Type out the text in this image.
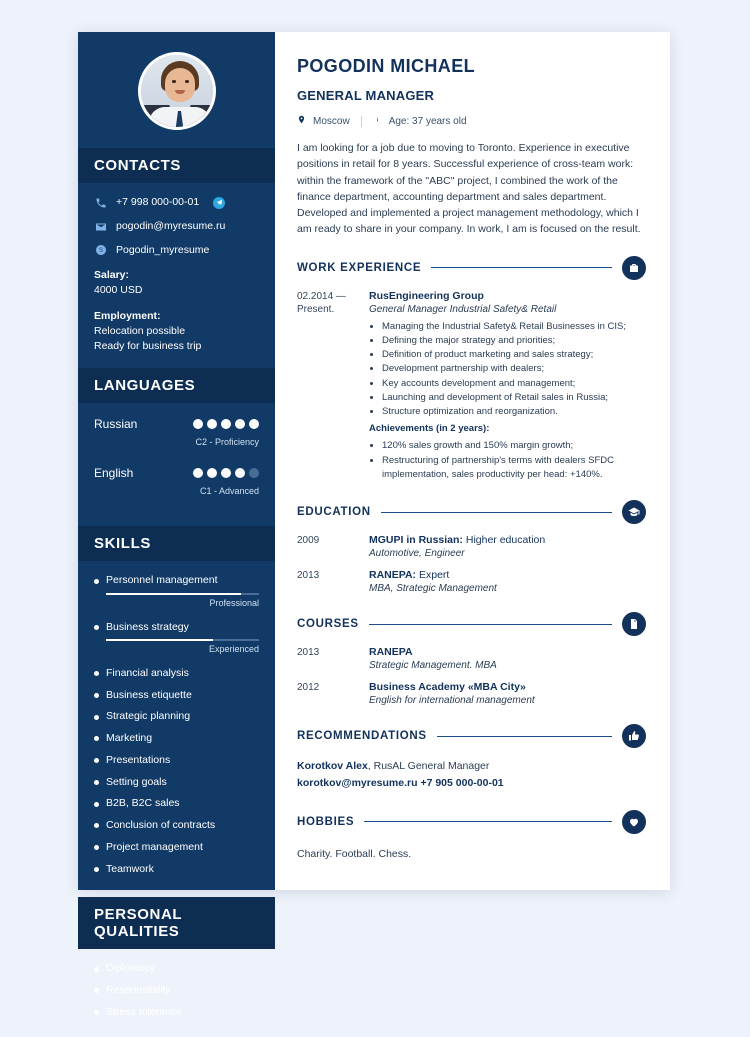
CONTACTS
+7 998 000-00-01
pogodin@myresume.ru
S Pogodin_myresume
Salary:
4000 USD
Employment:
Relocation possible
Ready for business trip
LANGUAGES
Russian
C2 - Proficiency
English
C1 - Advanced
SKILLS
Personnel management
Professional
Business strategy
Experienced
Financial analysis
Business etiquette
Strategic planning
Marketing
Presentations
Setting goals
B2B, B2C sales
Conclusion of contracts
Project management
Teamwork
PERSONAL QUALITIES
Diplomacy
Responsibility
Stress tolerance
POGODIN MICHAEL
GENERAL MANAGER
Moscow	Age: 37 years old

I am looking for a job due to moving to Toronto. Experience in executive positions in retail for 8 years. Successful experience of cross-team work: within the framework of the "ABC" project, I combined the work of the finance department, accounting department and sales department. Developed and implemented a project management methodology, which I am ready to share in your company. In work, I am is focused on the result.

WORK EXPERIENCE
02.2014 — Present.
RusEngineering Group
General Manager Industrial Safety& Retail
• Managing the Industrial Safety& Retail Businesses in CIS;
• Defining the major strategy and priorities;
• Definition of product marketing and sales strategy;
• Development partnership with dealers;
• Key accounts development and management;
• Launching and development of Retail sales in Russia;
• Structure optimization and reorganization.
Achievements (in 2 years):
• 120% sales growth and 150% margin growth;
• Restructuring of partnership's terms with dealers SFDC implementation, sales productivity per head: +140%.
EDUCATION
2009	MGUPI in Russian: Higher education
Automotive, Engineer
2013	RANEPA: Expert
MBA, Strategic Management
COURSES
2013	RANEPA
Strategic Management. MBA
2012	Business Academy «MBA City»
English for international management
RECOMMENDATIONS
Korotkov Alex, RusAL General Manager
korotkov@myresume.ru +7 905 000-00-01
HOBBIES
Charity. Football. Chess.
